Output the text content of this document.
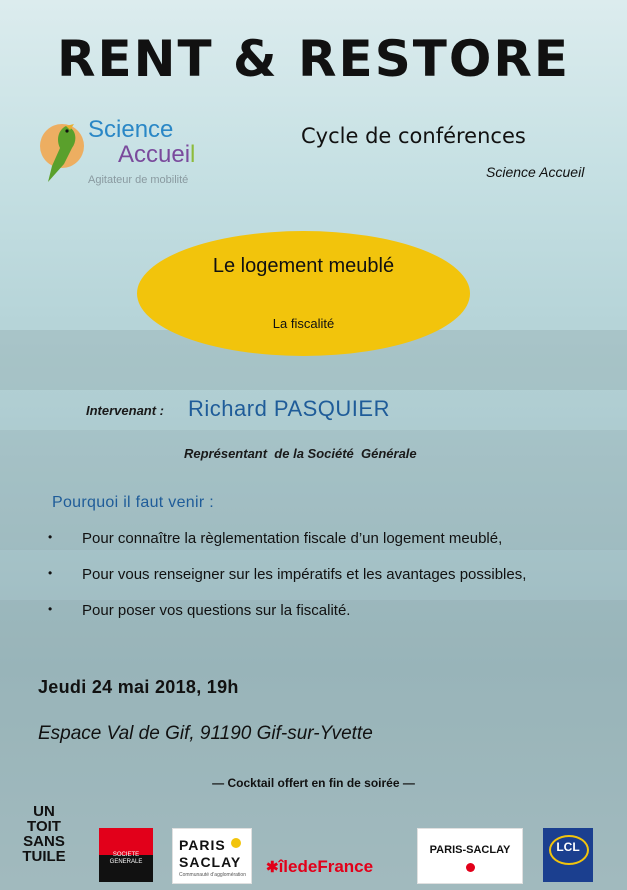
RENT & RESTORE
Science
Accueil
Agitateur de mobilité
Cycle de conférences
Science Accueil
Le logement meublé
La fiscalité
Intervenant : Richard PASQUIER
Représentant  de la Société  Générale
Pourquoi il faut venir :
• Pour connaître la règlementation fiscale d’un logement meublé,
• Pour vous renseigner sur les impératifs et les avantages possibles,
• Pour poser vos questions sur la fiscalité.
Jeudi 24 mai 2018, 19h
Espace Val de Gif, 91190 Gif-sur-Yvette
— Cocktail offert en fin de soirée —
UN
TOIT
SANS
TUILE	SOCIETE
GENERALE
PARIS
SACLAY
Communauté d’agglomération ✱îledeFrance
PARIS-SACLAY	LCL
